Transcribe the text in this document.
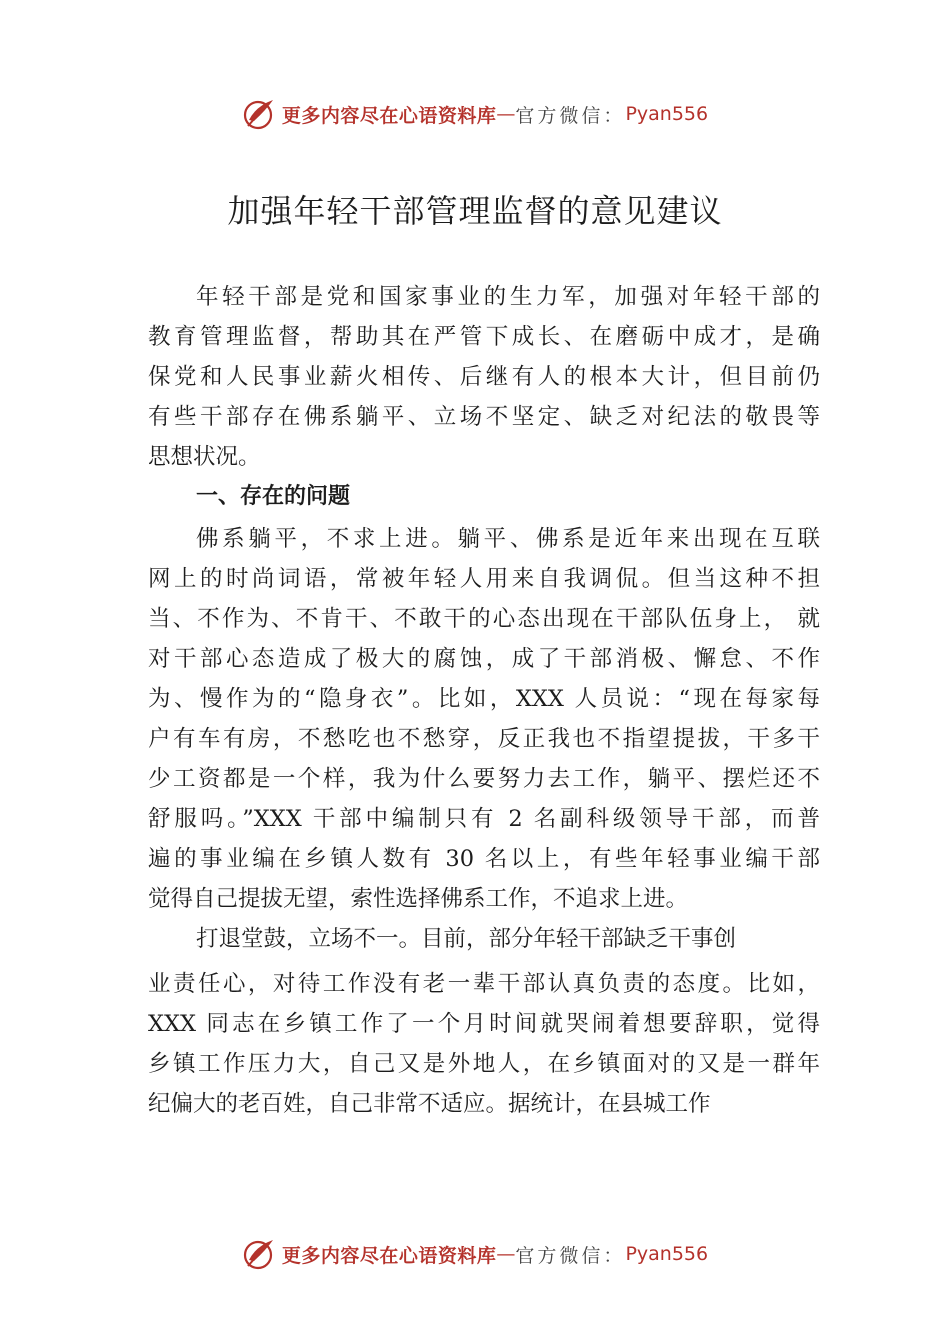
更多内容尽在心语资料库 — 官方微信： Pyan556
加强年轻干部管理监督的意见建议
年轻干部是党和国家事业的生力军，加强对年轻干部的
教育管理监督，帮助其在严管下成长、在磨砺中成才，是确
保党和人民事业薪火相传、后继有人的根本大计，但目前仍
有些干部存在佛系躺平、立场不坚定、缺乏对纪法的敬畏等
思想状况。
一、存在的问题
佛系躺平，不求上进。躺平、佛系是近年来出现在互联
网上的时尚词语，常被年轻人用来自我调侃。但当这种不担
当、不作为、不肯干、不敢干的心态出现在干部队伍身上， 就
对干部心态造成了极大的腐蚀，成了干部消极、懈怠、不作
为、慢作为的“隐身衣”。比如，XXX 人员说：“现在每家每
户有车有房，不愁吃也不愁穿，反正我也不指望提拔，干多干
少工资都是一个样，我为什么要努力去工作，躺平、摆烂还不
舒服吗。”XXX 干部中编制只有 2 名副科级领导干部，而普
遍的事业编在乡镇人数有 30 名以上，有些年轻事业编干部
觉得自己提拔无望，索性选择佛系工作，不追求上进。
打退堂鼓，立场不一。目前，部分年轻干部缺乏干事创
业责任心，对待工作没有老一辈干部认真负责的态度。比如，
XXX 同志在乡镇工作了一个月时间就哭闹着想要辞职，觉得
乡镇工作压力大，自己又是外地人，在乡镇面对的又是一群年
纪偏大的老百姓，自己非常不适应。据统计，在县城工作
更多内容尽在心语资料库 — 官方微信： Pyan556
